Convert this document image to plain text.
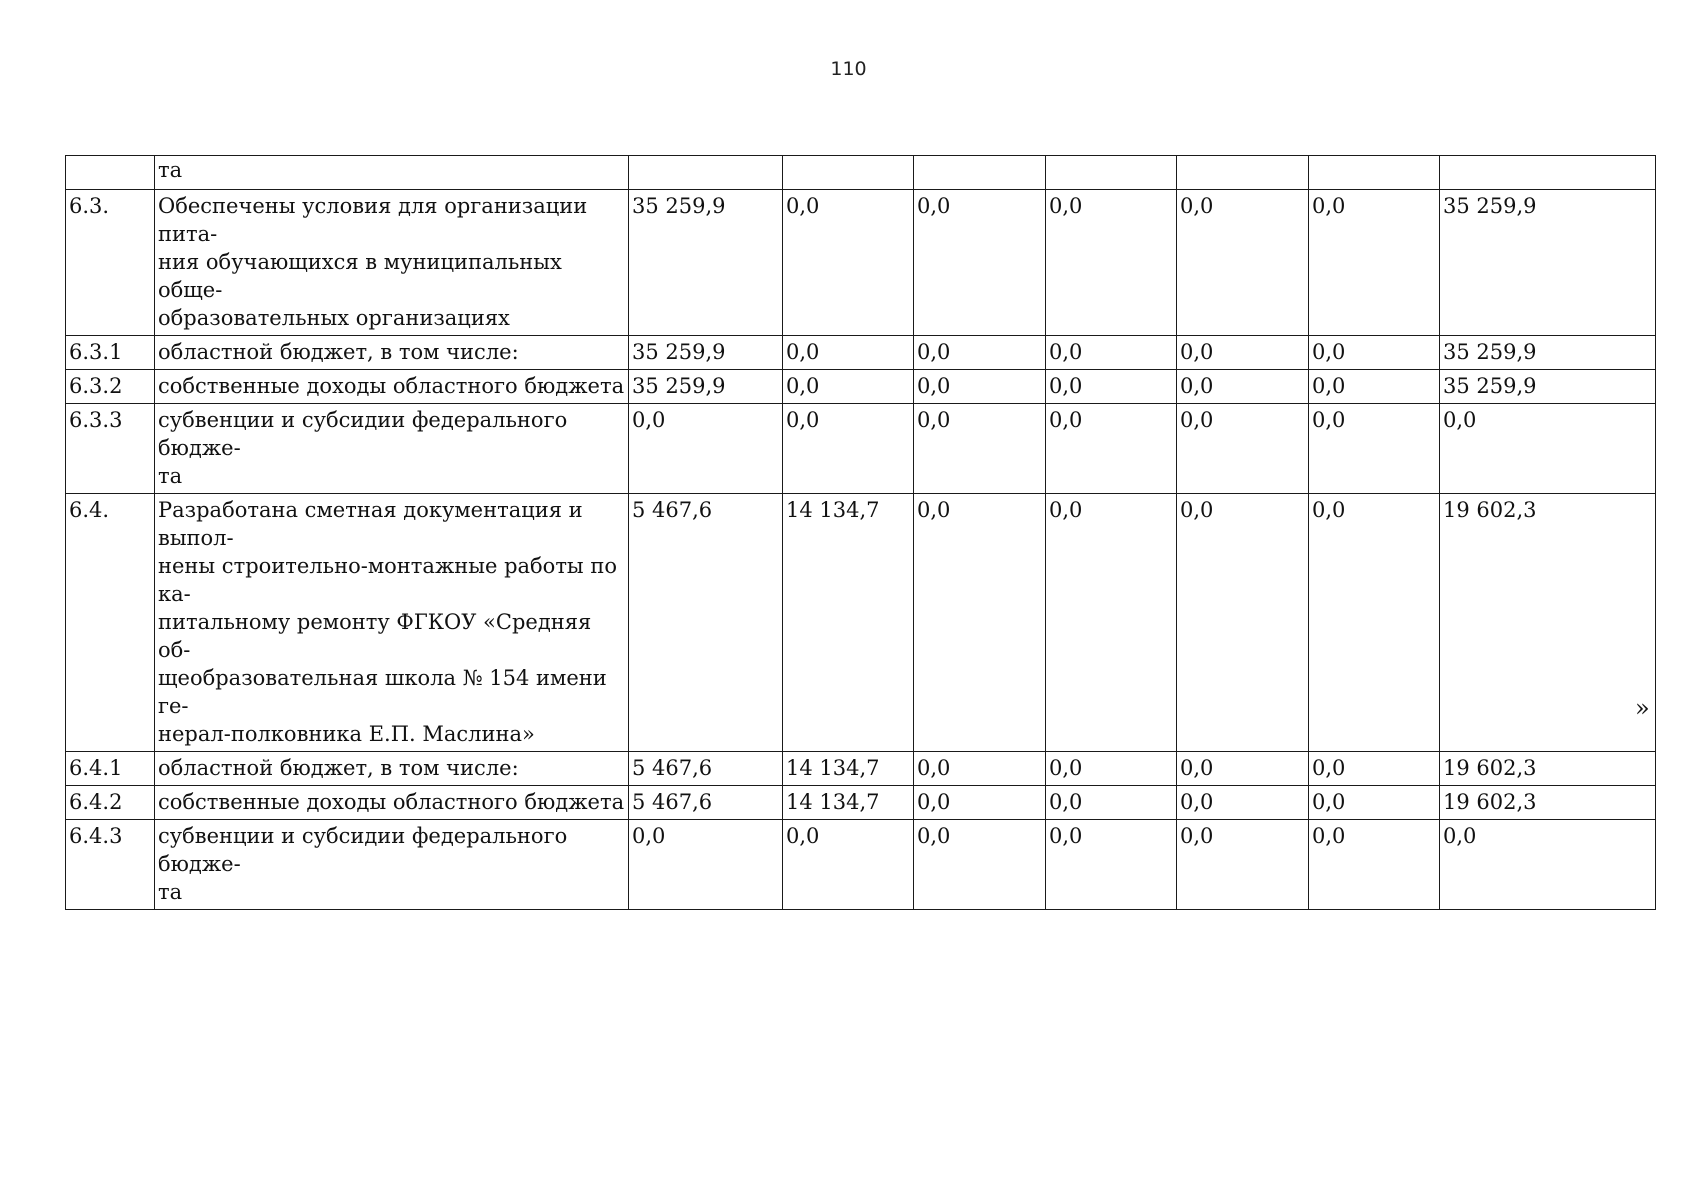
110
	та							
6.3.	Обеспечены условия для организации пита-
ния обучающихся в муниципальных обще-
образовательных организациях	35 259,9	0,0	0,0	0,0	0,0	0,0	35 259,9
6.3.1	областной бюджет, в том числе:	35 259,9	0,0	0,0	0,0	0,0	0,0	35 259,9
6.3.2	собственные доходы областного бюджета	35 259,9	0,0	0,0	0,0	0,0	0,0	35 259,9
6.3.3	субвенции и субсидии федерального бюдже-
та	0,0	0,0	0,0	0,0	0,0	0,0	0,0
6.4.	Разработана сметная документация и выпол-
нены строительно-монтажные работы по ка-
питальному ремонту ФГКОУ «Средняя об-
щеобразовательная школа № 154 имени ге-
нерал-полковника Е.П. Маслина»	5 467,6	14 134,7	0,0	0,0	0,0	0,0	19 602,3
6.4.1	областной бюджет, в том числе:	5 467,6	14 134,7	0,0	0,0	0,0	0,0	19 602,3
6.4.2	собственные доходы областного бюджета	5 467,6	14 134,7	0,0	0,0	0,0	0,0	19 602,3
6.4.3	субвенции и субсидии федерального бюдже-
та	0,0	0,0	0,0	0,0	0,0	0,0	0,0
»
